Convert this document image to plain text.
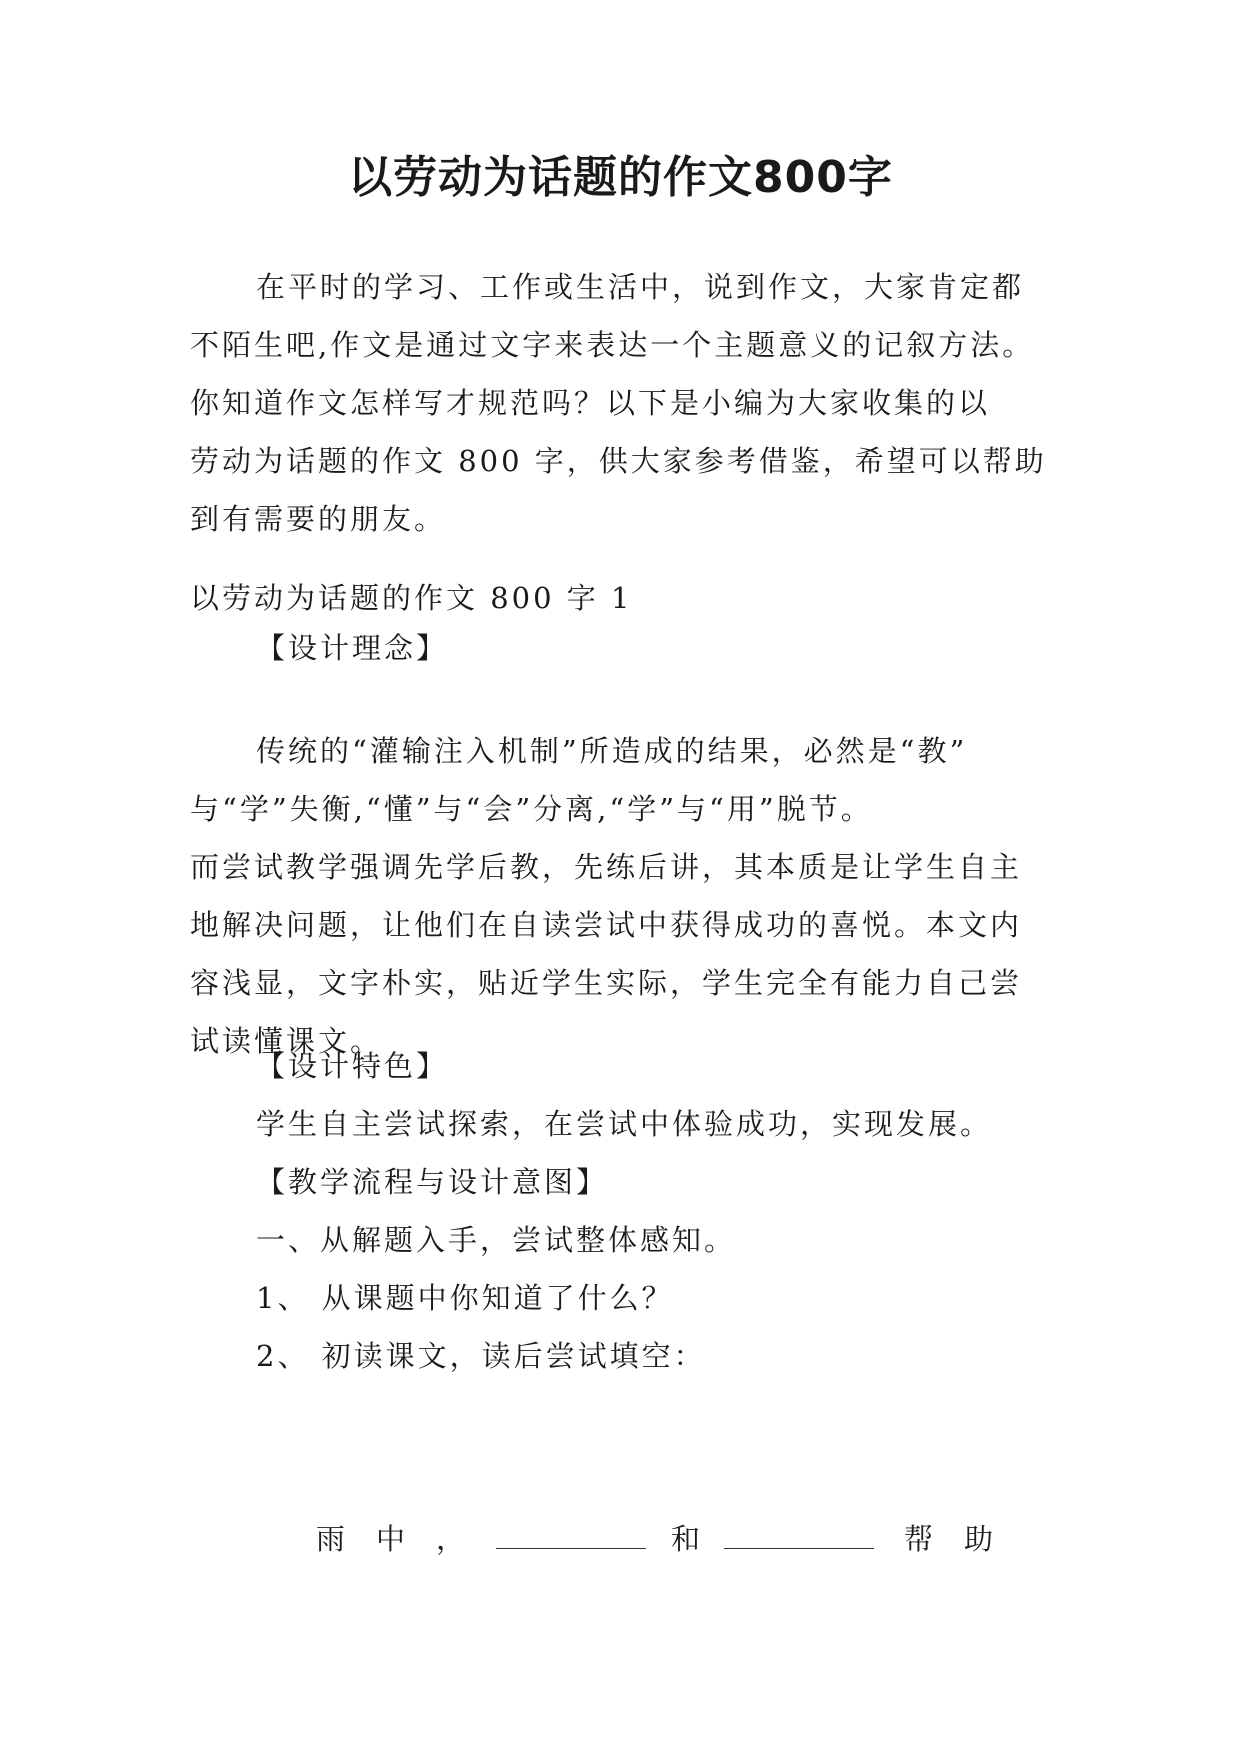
以劳动为话题的作文800字
在平时的学习、工作或生活中，说到作文，大家肯定都
不陌生吧,作文是通过文字来表达一个主题意义的记叙方法。
你知道作文怎样写才规范吗？以下是小编为大家收集的以
劳动为话题的作文 800 字，供大家参考借鉴，希望可以帮助
到有需要的朋友。
以劳动为话题的作文 800 字 1
【设计理念】
传统的“灌输注入机制”所造成的结果，必然是“教”
与“学”失衡,“懂”与“会”分离,“学”与“用”脱节。
而尝试教学强调先学后教，先练后讲，其本质是让学生自主
地解决问题，让他们在自读尝试中获得成功的喜悦。本文内
容浅显，文字朴实，贴近学生实际，学生完全有能力自己尝
试读懂课文。
【设计特色】
学生自主尝试探索，在尝试中体验成功，实现发展。
【教学流程与设计意图】
一、从解题入手，尝试整体感知。
1、 从课题中你知道了什么？
2、 初读课文，读后尝试填空：
雨 中 ，	和	帮 助
